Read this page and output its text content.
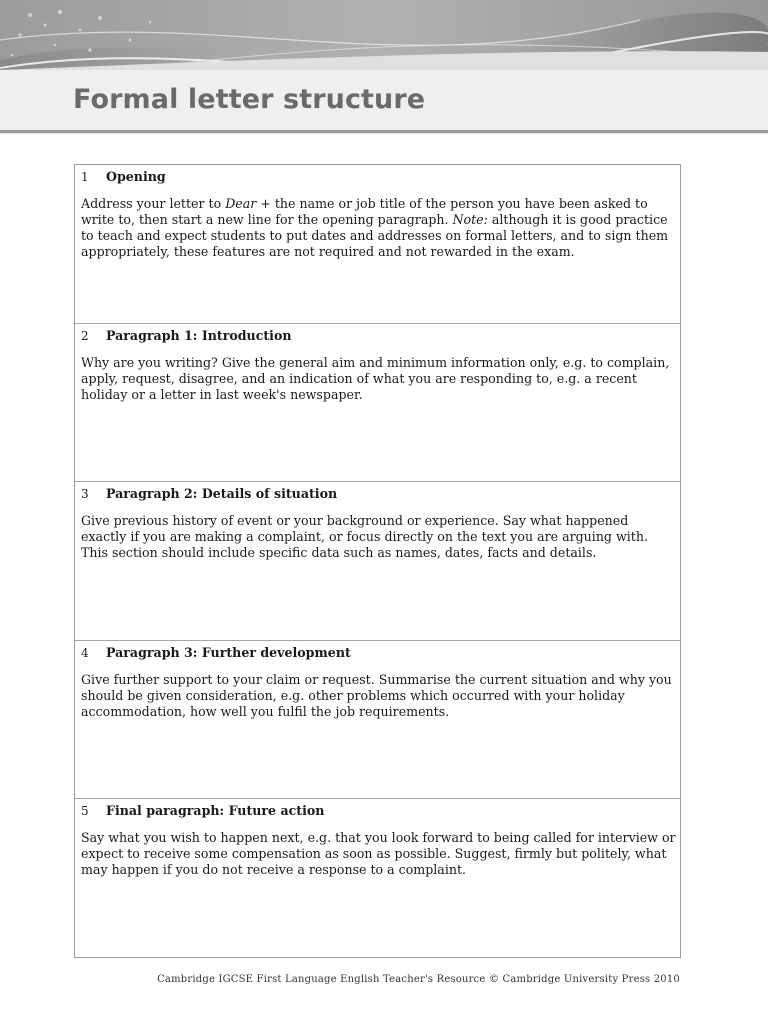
Formal letter structure
1	Opening

Address your letter to Dear + the name or job title of the person you have been asked to write to, then start a new line for the opening paragraph. Note: although it is good practice to teach and expect students to put dates and addresses on formal letters, and to sign them appropriately, these features are not required and not rewarded in the exam.

2	Paragraph 1: Introduction

Why are you writing? Give the general aim and minimum information only, e.g. to complain, apply, request, disagree, and an indication of what you are responding to, e.g. a recent holiday or a letter in last week's newspaper.

3	Paragraph 2: Details of situation

Give previous history of event or your background or experience. Say what happened exactly if you are making a complaint, or focus directly on the text you are arguing with. This section should include specific data such as names, dates, facts and details.

4	Paragraph 3: Further development

Give further support to your claim or request. Summarise the current situation and why you should be given consideration, e.g. other problems which occurred with your holiday accommodation, how well you fulfil the job requirements.

5	Final paragraph: Future action

Say what you wish to happen next, e.g. that you look forward to being called for interview or expect to receive some compensation as soon as possible. Suggest, firmly but politely, what may happen if you do not receive a response to a complaint.

Cambridge IGCSE First Language English Teacher's Resource © Cambridge University Press 2010
